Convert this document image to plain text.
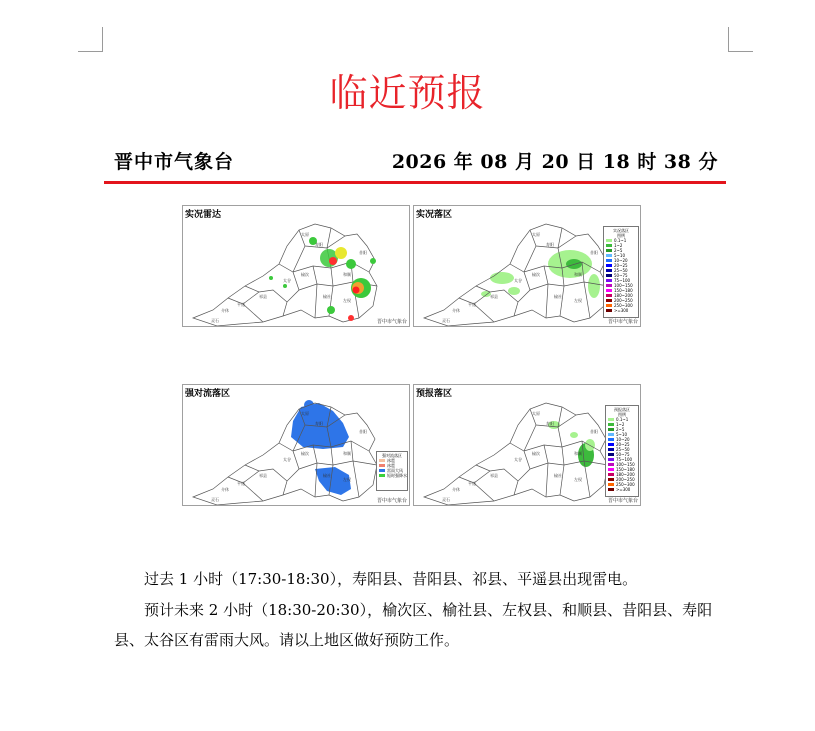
临近预报
晋中市气象台	2026 年 08 月 20 日 18 时 38 分
榆次
榆社
左权
和顺
昔阳
寿阳
太谷
祁县
平遥
介休
灵石
太原
实况雷达
晋中市气象台
榆次
榆社
左权
和顺
昔阳
寿阳
太谷
祁县
平遥
介休
灵石
太原
实况落区
实况落区
图例
0.1~1
1~2
2~5
5~10
10~20
20~25
25~50
50~75
75~100
100~150
150~180
180~200
200~250
250~300
>=300
晋中市气象台
榆次
榆社
左权
和顺
昔阳
寿阳
太谷
祁县
平遥
介休
灵石
太原
强对流落区
强对流落区
冰雹
冰雹
雷雨大风
短时强降水
晋中市气象台
榆次
榆社
左权
和顺
昔阳
寿阳
太谷
祁县
平遥
介休
灵石
太原
预报落区
预报落区
图例
0.1~1
1~2
2~5
5~10
10~20
20~25
25~50
50~75
75~100
100~150
150~180
180~200
200~250
250~300
>=300
晋中市气象台
过去 1 小时（17:30-18:30），寿阳县、昔阳县、祁县、平遥县出现雷电。
预计未来 2 小时（18:30-20:30），榆次区、榆社县、左权县、和顺县、昔阳县、寿阳县、太谷区有雷雨大风。请以上地区做好预防工作。
